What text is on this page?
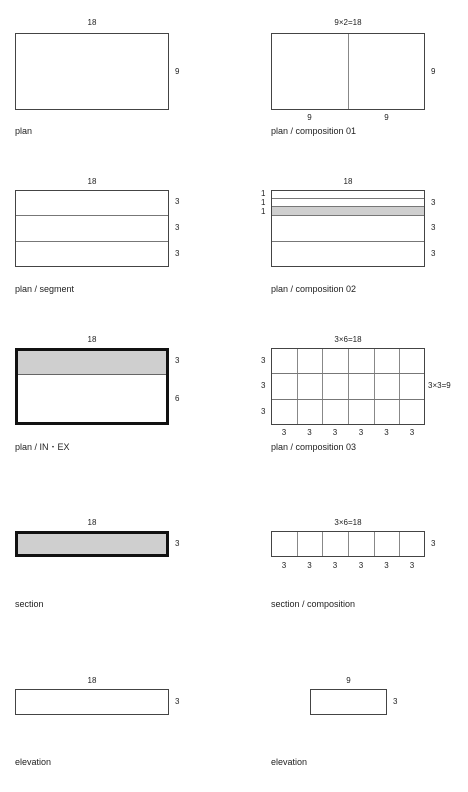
18
9
plan
9×2=18
9
9	9
plan / composition 01
18
3
3
3
plan / segment
18
1
1
1
3
3
3
plan / composition 02
18
3
6
plan / IN・EX
3×6=18
3
3
3
3×3=9
3	3	3	3	3	3
plan / composition 03
18
3
section
3×6=18
3
3	3	3	3	3	3
section / composition
18
3
elevation
9
3
elevation
